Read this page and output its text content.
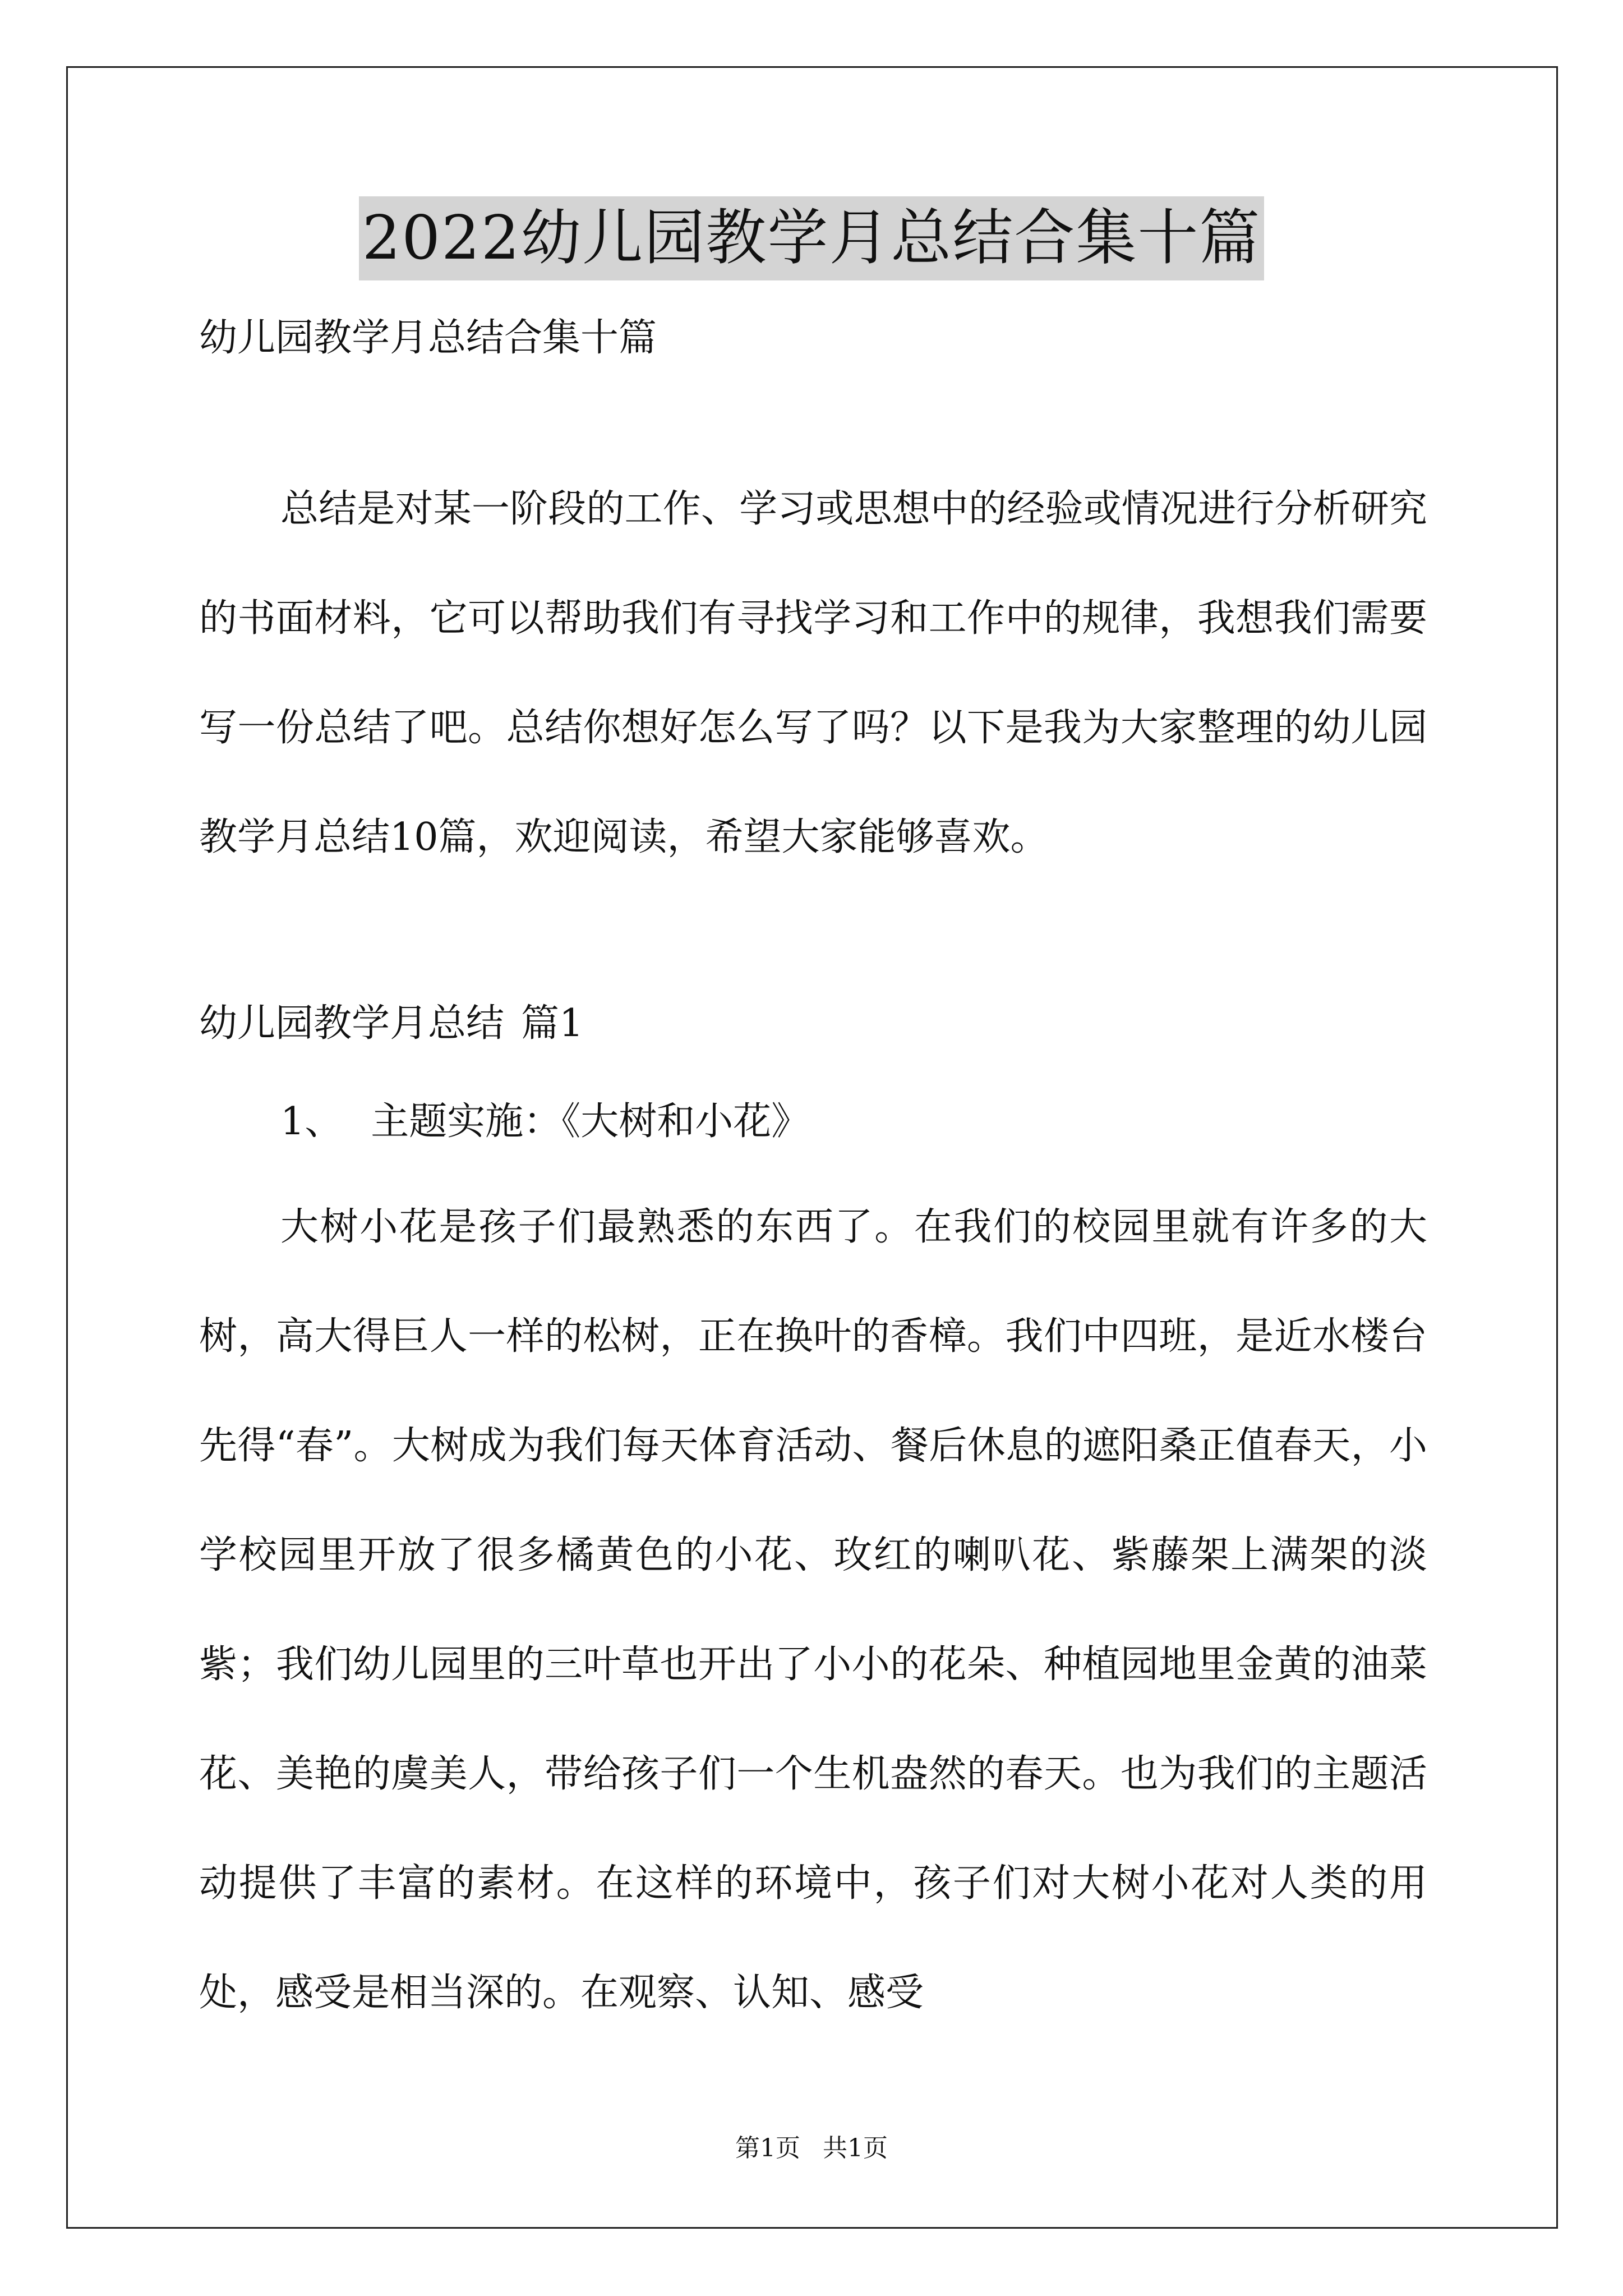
2022幼儿园教学月总结合集十篇

幼儿园教学月总结合集十篇

总结是对某一阶段的工作、学习或思想中的经验或情况进行分析研究的书面材料，它可以帮助我们有寻找学习和工作中的规律，我想我们需要写一份总结了吧。总结你想好怎么写了吗？以下是我为大家整理的幼儿园教学月总结10篇，欢迎阅读，希望大家能够喜欢。

幼儿园教学月总结 篇1

1、 主题实施：《大树和小花》

大树小花是孩子们最熟悉的东西了。在我们的校园里就有许多的大树，高大得巨人一样的松树，正在换叶的香樟。我们中四班，是近水楼台先得“春”。大树成为我们每天体育活动、餐后休息的遮阳桑正值春天，小学校园里开放了很多橘黄色的小花、玫红的喇叭花、紫藤架上满架的淡紫；我们幼儿园里的三叶草也开出了小小的花朵、种植园地里金黄的油菜花、美艳的虞美人，带给孩子们一个生机盎然的春天。也为我们的主题活动提供了丰富的素材。在这样的环境中，孩子们对大树小花对人类的用处，感受是相当深的。在观察、认知、感受

第1页 共1页
